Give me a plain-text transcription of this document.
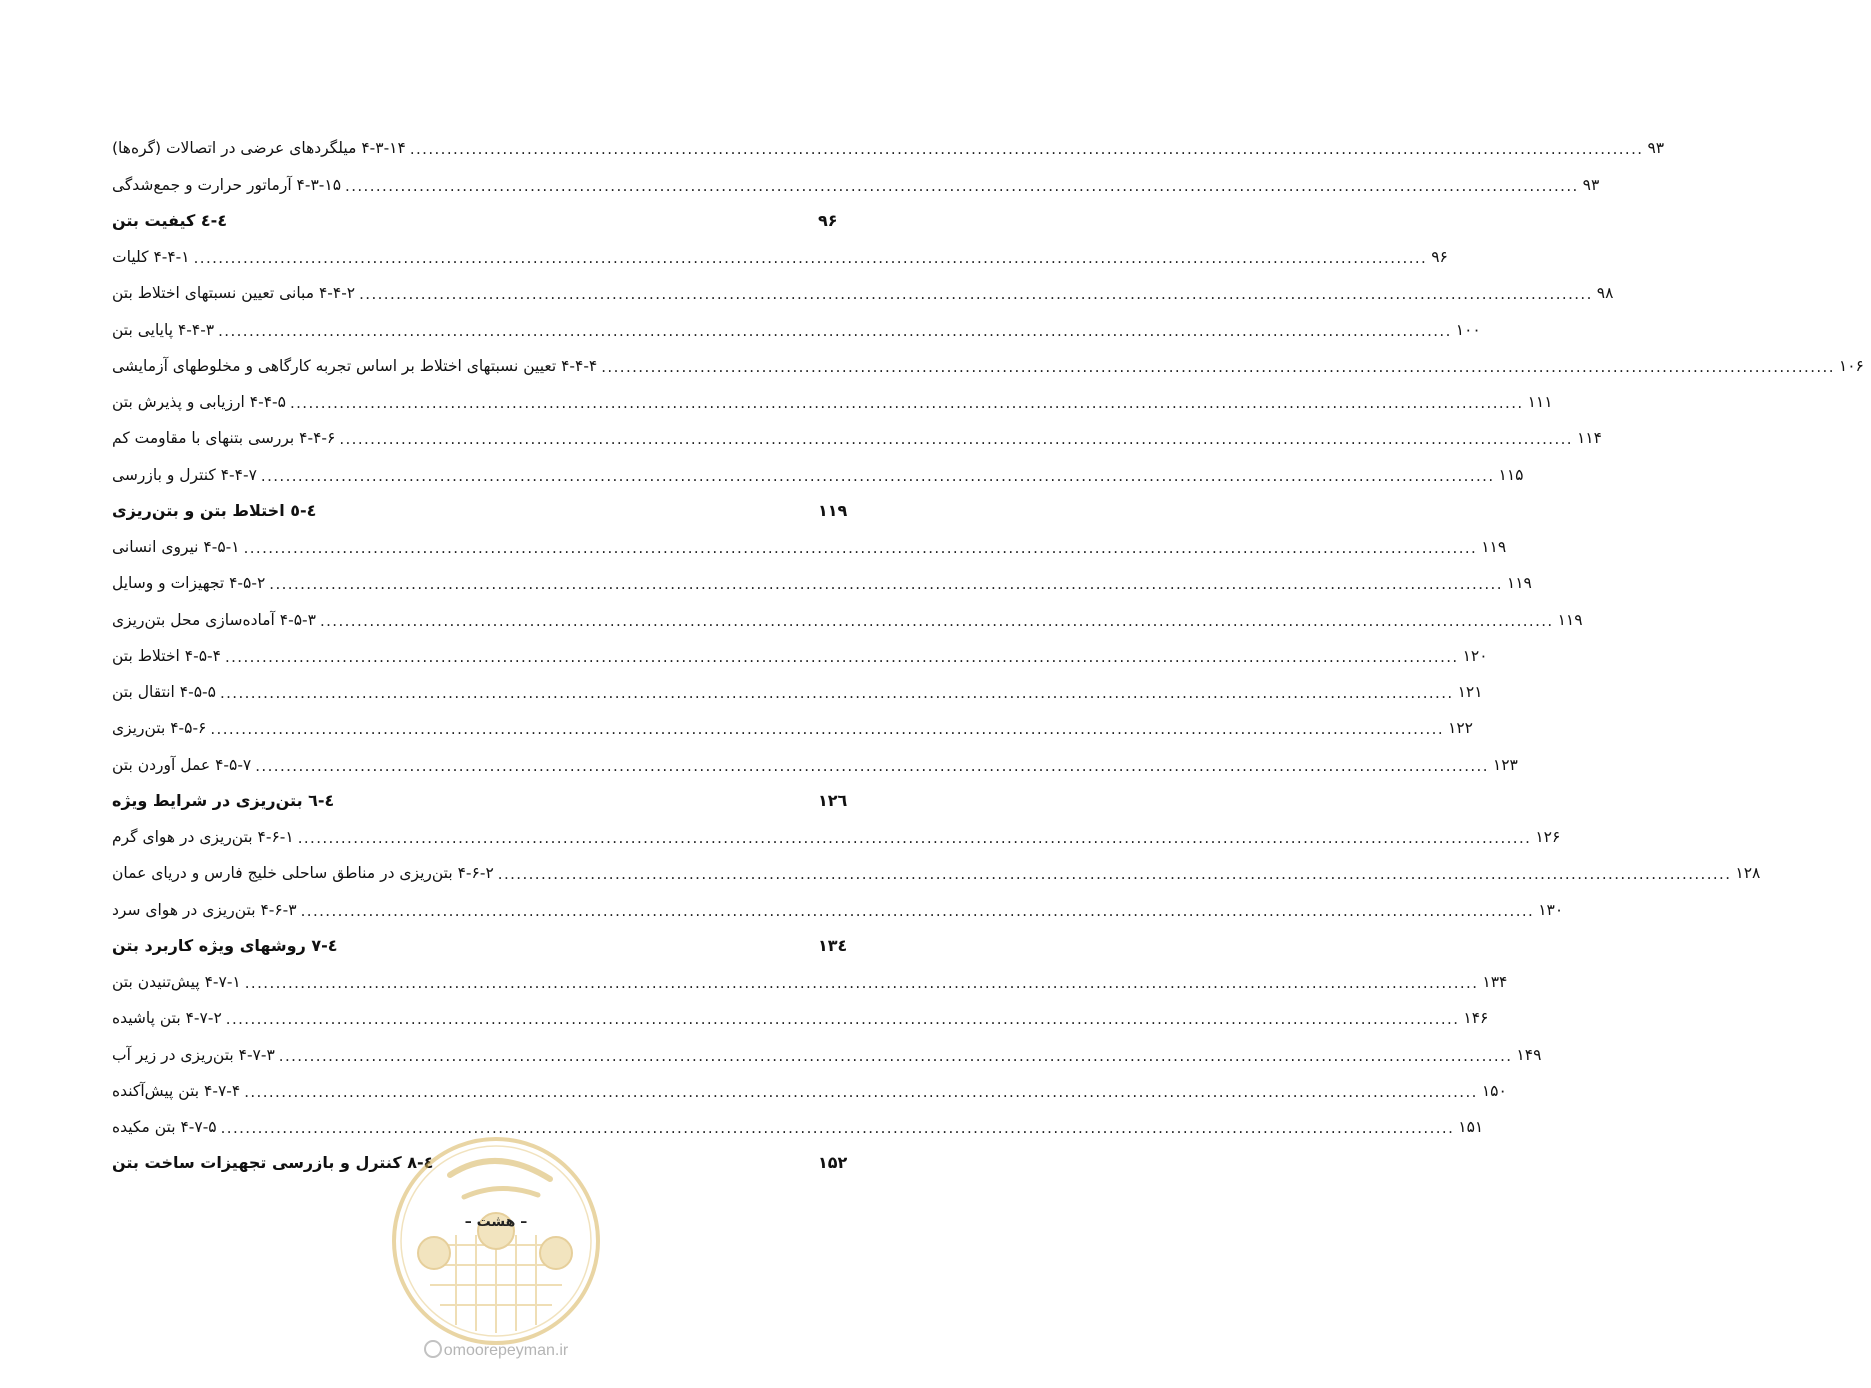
۴-۳-۱۴ میلگردهای عرضی در اتصالات (گره‌ها) ........................................................................................................................................................................................................ ۹۳
۴-۳-۱۵ آرماتور حرارت و جمع‌شدگی ........................................................................................................................................................................................................ ۹۳
٤-٤ کیفیت بتن	۹۶
۴-۴-۱ کلیات ........................................................................................................................................................................................................ ۹۶
۴-۴-۲ مبانی تعیین نسبتهای اختلاط بتن ........................................................................................................................................................................................................ ۹۸
۴-۴-۳ پایایی بتن ........................................................................................................................................................................................................ ۱۰۰
۴-۴-۴ تعیین نسبتهای اختلاط بر اساس تجربه کارگاهی و مخلوطهای آزمایشی ........................................................................................................................................................................................................ ۱۰۶
۴-۴-۵ ارزیابی و پذیرش بتن ........................................................................................................................................................................................................ ۱۱۱
۴-۴-۶ بررسی بتنهای با مقاومت کم ........................................................................................................................................................................................................ ۱۱۴
۴-۴-۷ کنترل و بازرسی ........................................................................................................................................................................................................ ۱۱۵
٤-٥ اختلاط بتن و بتن‌ریزی	۱۱۹
۴-۵-۱ نیروی انسانی ........................................................................................................................................................................................................ ۱۱۹
۴-۵-۲ تجهیزات و وسایل ........................................................................................................................................................................................................ ۱۱۹
۴-۵-۳ آماده‌سازی محل بتن‌ریزی ........................................................................................................................................................................................................ ۱۱۹
۴-۵-۴ اختلاط بتن ........................................................................................................................................................................................................ ۱۲۰
۴-۵-۵ انتقال بتن ........................................................................................................................................................................................................ ۱۲۱
۴-۵-۶ بتن‌ریزی ........................................................................................................................................................................................................ ۱۲۲
۴-۵-۷ عمل آوردن بتن ........................................................................................................................................................................................................ ۱۲۳
٤-٦ بتن‌ریزی در شرایط ویژه	۱۲٦
۴-۶-۱ بتن‌ریزی در هوای گرم ........................................................................................................................................................................................................ ۱۲۶
۴-۶-۲ بتن‌ریزی در مناطق ساحلی خلیج فارس و دریای عمان ........................................................................................................................................................................................................ ۱۲۸
۴-۶-۳ بتن‌ریزی در هوای سرد ........................................................................................................................................................................................................ ۱۳۰
٤-٧ روشهای ویژه کاربرد بتن	۱۳٤
۴-۷-۱ پیش‌تنیدن بتن ........................................................................................................................................................................................................ ۱۳۴
۴-۷-۲ بتن پاشیده ........................................................................................................................................................................................................ ۱۴۶
۴-۷-۳ بتن‌ریزی در زیر آب ........................................................................................................................................................................................................ ۱۴۹
۴-۷-۴ بتن پیش‌آکنده ........................................................................................................................................................................................................ ۱۵۰
۴-۷-۵ بتن مکیده ........................................................................................................................................................................................................ ۱۵۱
٤-٨ کنترل و بازرسی تجهیزات ساخت بتن	۱۵۲
– هشت –
omoorepeyman.ir
